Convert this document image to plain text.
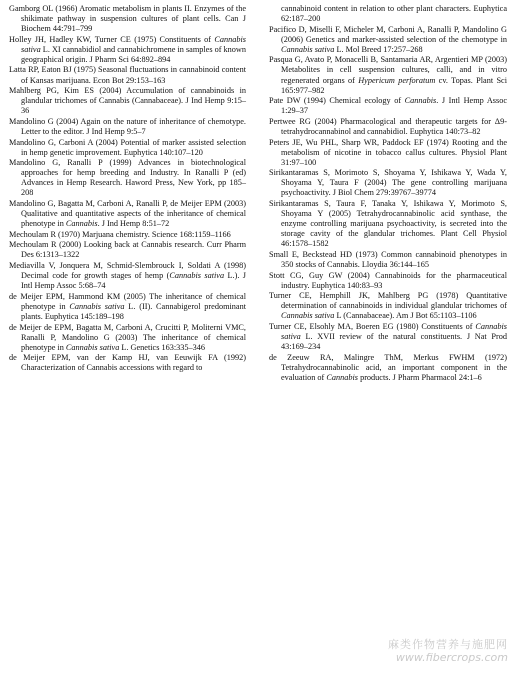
Gamborg OL (1966) Aromatic metabolism in plants II. Enzymes of the shikimate pathway in suspension cultures of plant cells. Can J Biochem 44:791–799

Holley JH, Hadley KW, Turner CE (1975) Constituents of Cannabis sativa L. XI cannabidiol and cannabichromene in samples of known geographical origin. J Pharm Sci 64:892–894

Latta RP, Eaton BJ (1975) Seasonal fluctuations in cannabinoid content of Kansas marijuana. Econ Bot 29:153–163

Mahlberg PG, Kim ES (2004) Accumulation of cannabinoids in glandular trichomes of Cannabis (Cannabaceae). J Ind Hemp 9:15–36

Mandolino G (2004) Again on the nature of inheritance of chemotype. Letter to the editor. J Ind Hemp 9:5–7

Mandolino G, Carboni A (2004) Potential of marker assisted selection in hemp genetic improvement. Euphytica 140:107–120

Mandolino G, Ranalli P (1999) Advances in biotechnological approaches for hemp breeding and Industry. In Ranalli P (ed) Advances in Hemp Research. Haword Press, New York, pp 185–208

Mandolino G, Bagatta M, Carboni A, Ranalli P, de Meijer EPM (2003) Qualitative and quantitative aspects of the inheritance of chemical phenotype in Cannabis. J Ind Hemp 8:51–72

Mechoulam R (1970) Marjuana chemistry. Science 168:1159–1166

Mechoulam R (2000) Looking back at Cannabis research. Curr Pharm Des 6:1313–1322

Mediavilla V, Jonquera M, Schmid-Slembrouck I, Soldati A (1998) Decimal code for growth stages of hemp (Cannabis sativa L.). J Intl Hemp Assoc 5:68–74

de Meijer EPM, Hammond KM (2005) The inheritance of chemical phenotype in Cannabis sativa L. (II). Cannabigerol predominant plants. Euphytica 145:189–198

de Meijer de EPM, Bagatta M, Carboni A, Crucitti P, Moliterni VMC, Ranalli P, Mandolino G (2003) The inheritance of chemical phenotype in Cannabis sativa L. Genetics 163:335–346

de Meijer EPM, van der Kamp HJ, van Eeuwijk FA (1992) Characterization of Cannabis accessions with regard to

cannabinoid content in relation to other plant characters. Euphytica 62:187–200

Pacifico D, Miselli F, Micheler M, Carboni A, Ranalli P, Mandolino G (2006) Genetics and marker-assisted selection of the chemotype in Cannabis sativa L. Mol Breed 17:257–268

Pasqua G, Avato P, Monacelli B, Santamaria AR, Argentieri MP (2003) Metabolites in cell suspension cultures, calli, and in vitro regenerated organs of Hypericum perforatum cv. Topas. Plant Sci 165:977–982

Pate DW (1994) Chemical ecology of Cannabis. J Intl Hemp Assoc 1:29–37

Pertwee RG (2004) Pharmacological and therapeutic targets for Δ9-tetrahydrocannabinol and cannabidiol. Euphytica 140:73–82

Peters JE, Wu PHL, Sharp WR, Paddock EF (1974) Rooting and the metabolism of nicotine in tobacco callus cultures. Physiol Plant 31:97–100

Sirikantaramas S, Morimoto S, Shoyama Y, Ishikawa Y, Wada Y, Shoyama Y, Taura F (2004) The gene controlling marijuana psychoactivity. J Biol Chem 279:39767–39774

Sirikantaramas S, Taura F, Tanaka Y, Ishikawa Y, Morimoto S, Shoyama Y (2005) Tetrahydrocannabinolic acid synthase, the enzyme controlling marijuana psychoactivity, is secreted into the storage cavity of the glandular trichomes. Plant Cell Physiol 46:1578–1582

Small E, Beckstead HD (1973) Common cannabinoid phenotypes in 350 stocks of Cannabis. Lloydia 36:144–165

Stott CG, Guy GW (2004) Cannabinoids for the pharmaceutical industry. Euphytica 140:83–93

Turner CE, Hemphill JK, Mahlberg PG (1978) Quantitative determination of cannabinoids in individual glandular trichomes of Cannabis sativa L (Cannabaceae). Am J Bot 65:1103–1106

Turner CE, Elsohly MA, Boeren EG (1980) Constituents of Cannabis sativa L. XVII review of the natural constituents. J Nat Prod 43:169–234

de Zeeuw RA, Malingre ThM, Merkus FWHM (1972) Tetrahydrocannabinolic acid, an important component in the evaluation of Cannabis products. J Pharm Pharmacol 24:1–6

麻类作物营养与施肥网
www.fibercrops.com
